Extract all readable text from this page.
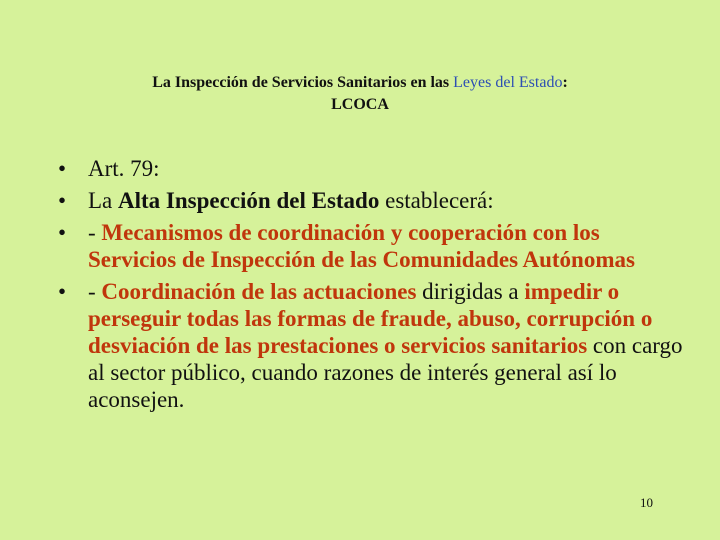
La Inspección de Servicios Sanitarios en las Leyes del Estado:
LCOCA
• Art. 79:
• La Alta Inspección del Estado establecerá:
• - Mecanismos de coordinación y cooperación con los Servicios de Inspección de las Comunidades Autónomas
• - Coordinación de las actuaciones dirigidas a impedir o perseguir todas las formas de fraude, abuso, corrupción o desviación de las prestaciones o servicios sanitarios con cargo al sector público, cuando razones de interés general así lo aconsejen.
10
